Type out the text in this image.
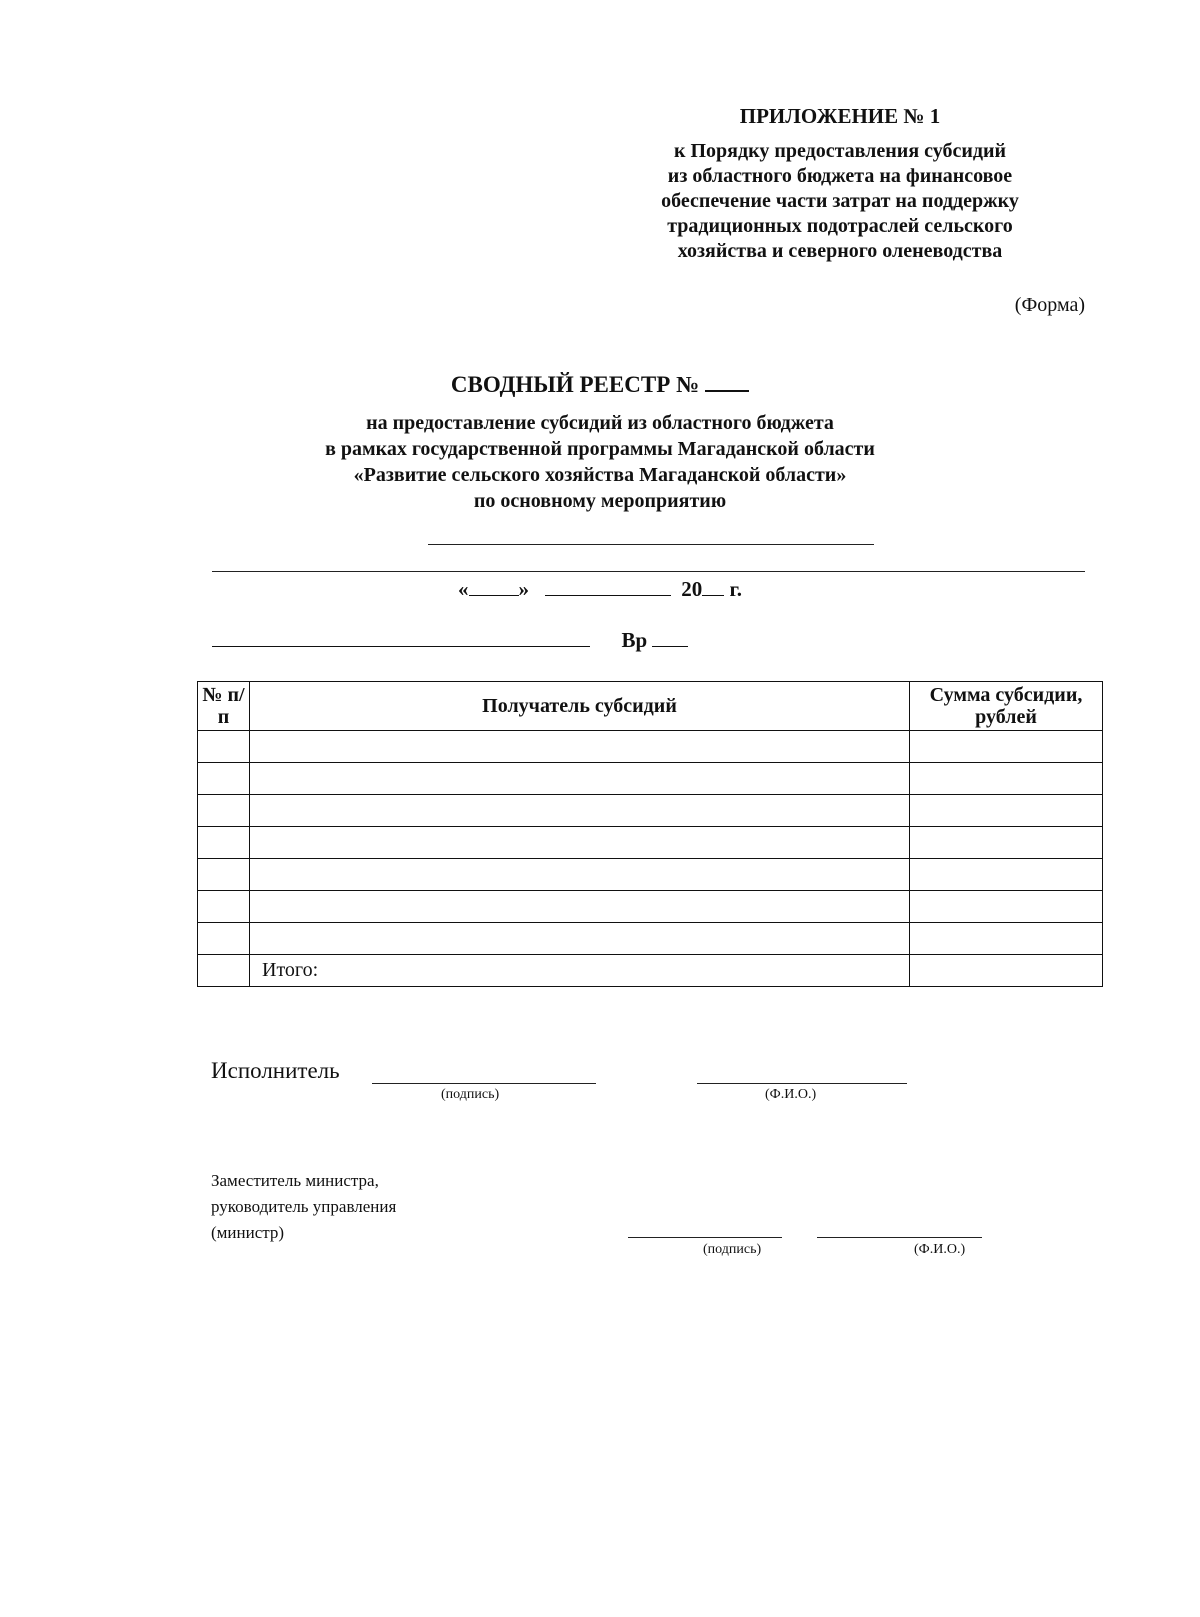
ПРИЛОЖЕНИЕ № 1
к Порядку предоставления субсидий
из областного бюджета на финансовое
обеспечение части затрат на поддержку
традиционных подотраслей сельского
хозяйства и северного оленеводства
(Форма)
СВОДНЫЙ РЕЕСТР №
на предоставление субсидий из областного бюджета
в рамках государственной программы Магаданской области
«Развитие сельского хозяйства Магаданской области»
по основному мероприятию
« »	20 г.
Вр
№ п/п	Получатель субсидий	Сумма субсидии, рублей

	Итого:	
Исполнитель
(подпись)	(Ф.И.О.)
Заместитель министра,
руководитель управления
(министр)
(подпись)	(Ф.И.О.)
